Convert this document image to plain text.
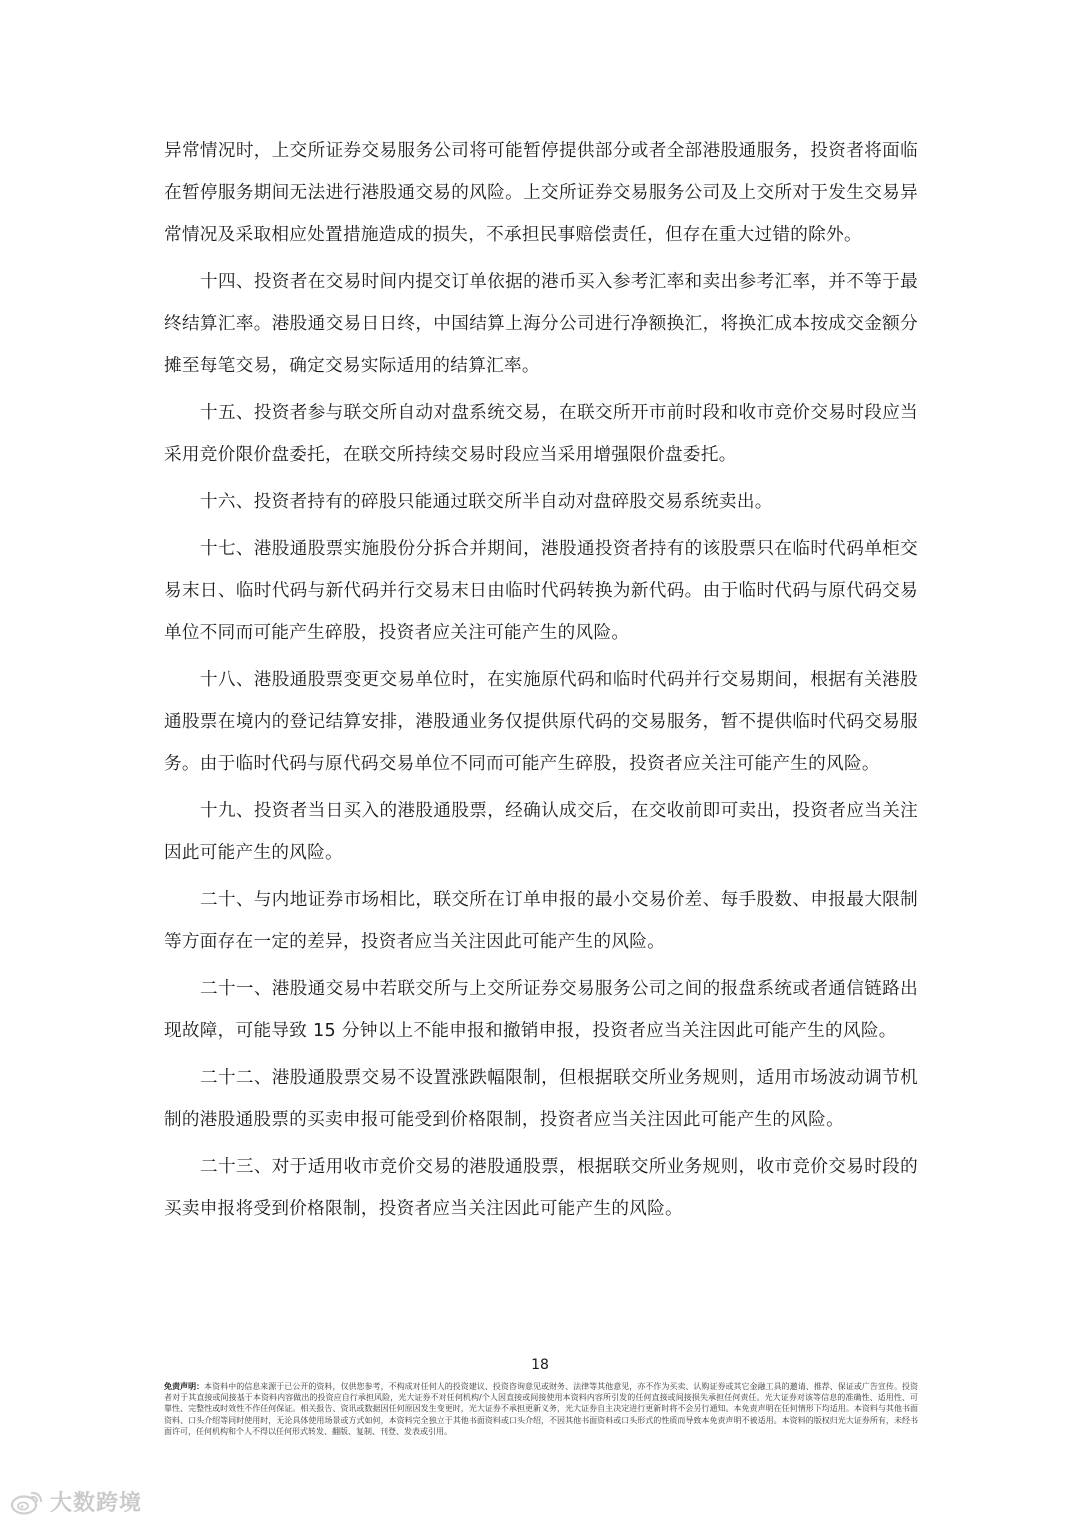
异常情况时，上交所证券交易服务公司将可能暂停提供部分或者全部港股通服务，投资者将面临在暂停服务期间无法进行港股通交易的风险。上交所证券交易服务公司及上交所对于发生交易异常情况及采取相应处置措施造成的损失，不承担民事赔偿责任，但存在重大过错的除外。

十四、投资者在交易时间内提交订单依据的港币买入参考汇率和卖出参考汇率，并不等于最终结算汇率。港股通交易日日终，中国结算上海分公司进行净额换汇，将换汇成本按成交金额分摊至每笔交易，确定交易实际适用的结算汇率。

十五、投资者参与联交所自动对盘系统交易，在联交所开市前时段和收市竞价交易时段应当采用竞价限价盘委托，在联交所持续交易时段应当采用增强限价盘委托。

十六、投资者持有的碎股只能通过联交所半自动对盘碎股交易系统卖出。

十七、港股通股票实施股份分拆合并期间，港股通投资者持有的该股票只在临时代码单柜交易末日、临时代码与新代码并行交易末日由临时代码转换为新代码。由于临时代码与原代码交易单位不同而可能产生碎股，投资者应关注可能产生的风险。

十八、港股通股票变更交易单位时，在实施原代码和临时代码并行交易期间，根据有关港股通股票在境内的登记结算安排，港股通业务仅提供原代码的交易服务，暂不提供临时代码交易服务。由于临时代码与原代码交易单位不同而可能产生碎股，投资者应关注可能产生的风险。

十九、投资者当日买入的港股通股票，经确认成交后，在交收前即可卖出，投资者应当关注因此可能产生的风险。

二十、与内地证券市场相比，联交所在订单申报的最小交易价差、每手股数、申报最大限制等方面存在一定的差异，投资者应当关注因此可能产生的风险。

二十一、港股通交易中若联交所与上交所证券交易服务公司之间的报盘系统或者通信链路出现故障，可能导致 15 分钟以上不能申报和撤销申报，投资者应当关注因此可能产生的风险。

二十二、港股通股票交易不设置涨跌幅限制，但根据联交所业务规则，适用市场波动调节机制的港股通股票的买卖申报可能受到价格限制，投资者应当关注因此可能产生的风险。

二十三、对于适用收市竞价交易的港股通股票，根据联交所业务规则，收市竞价交易时段的买卖申报将受到价格限制，投资者应当关注因此可能产生的风险。

18
免责声明：本资料中的信息来源于已公开的资料，仅供您参考，不构成对任何人的投资建议、投资咨询意见或财务、法律等其他意见，亦不作为买卖、认购证券或其它金融工具的邀请、推荐、保证或广告宣传。投资者对于其直接或间接基于本资料内容做出的投资应自行承担风险，光大证券不对任何机构/个人因直接或间接使用本资料内容所引发的任何直接或间接损失承担任何责任。光大证券对该等信息的准确性、适用性、可靠性、完整性或时效性不作任何保证。相关报告、资讯或数据因任何原因发生变更时，光大证券不承担更新义务，光大证券自主决定进行更新时将不会另行通知。本免责声明在任何情形下均适用。本资料与其他书面资料、口头介绍等同时使用时，无论具体使用场景或方式如何，本资料完全独立于其他书面资料或口头介绍，不因其他书面资料或口头形式的性质而导致本免责声明不被适用。本资料的版权归光大证券所有，未经书面许可，任何机构和个人不得以任何形式转发、翻版、复制、刊登、发表或引用。
大数跨境
